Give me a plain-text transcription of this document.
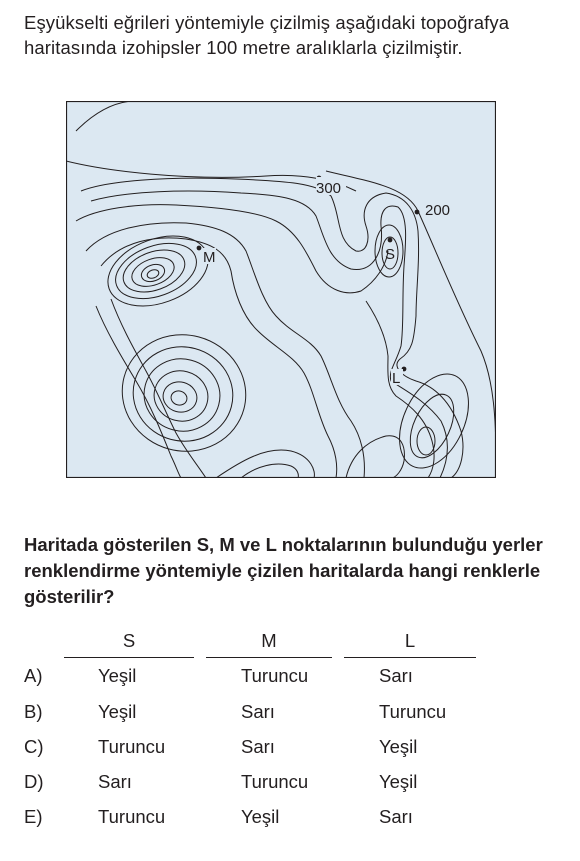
Eşyükselti eğrileri yöntemiyle çizilmiş aşağıdaki topoğrafya haritasında izohipsler 100 metre aralıklarla çizilmiştir.
300
200
M	S
L
Haritada gösterilen S, M ve L noktalarının bulunduğu yerler renklendirme yöntemiyle çizilen haritalarda hangi renklerle gösterilir?
S	M	L
A)	Yeşil	Turuncu	Sarı
B)	Yeşil	Sarı	Turuncu
C)	Turuncu	Sarı	Yeşil
D)	Sarı	Turuncu	Yeşil
E)	Turuncu	Yeşil	Sarı
